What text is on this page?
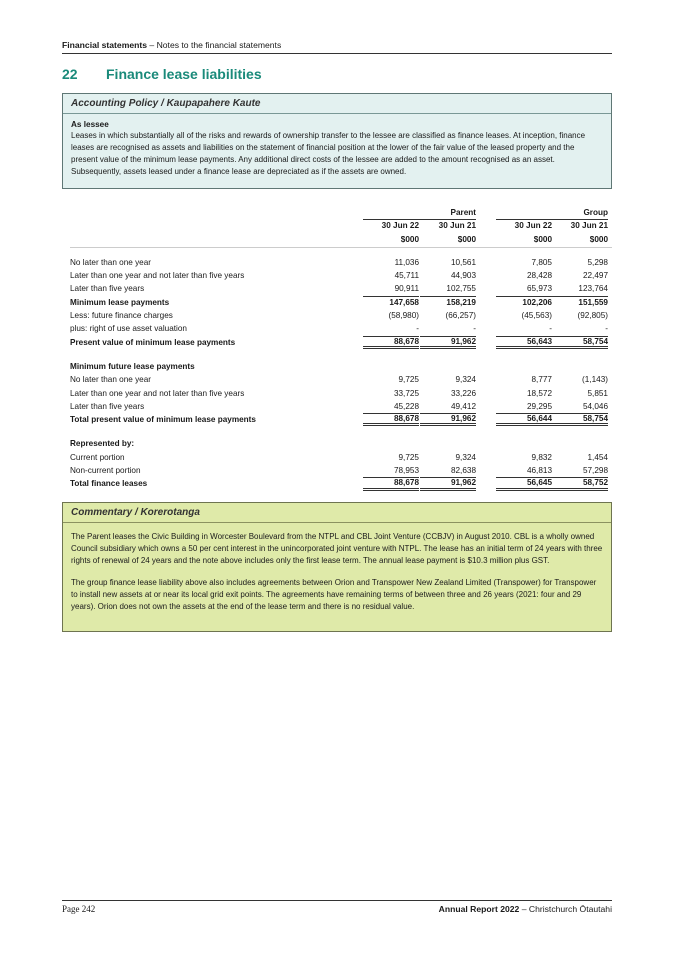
Financial statements – Notes to the financial statements
22 Finance lease liabilities
Accounting Policy / Kaupapahere Kaute
As lessee
Leases in which substantially all of the risks and rewards of ownership transfer to the lessee are classified as finance leases. At inception, finance leases are recognised as assets and liabilities on the statement of financial position at the lower of the fair value of the leased property and the present value of the minimum lease payments. Any additional direct costs of the lessee are added to the amount recognised as an asset. Subsequently, assets leased under a finance lease are depreciated as if the assets are owned.
Parent	Group
30 Jun 22	30 Jun 21	30 Jun 22	30 Jun 21
$000	$000	$000	$000
No later than one year	11,036	10,561	7,805	5,298
Later than one year and not later than five years	45,711	44,903	28,428	22,497
Later than five years	90,911	102,755	65,973	123,764
Minimum lease payments	147,658	158,219	102,206	151,559
Less: future finance charges	(58,980)	(66,257)	(45,563)	(92,805)
plus: right of use asset valuation	-	-	-	-
Present value of minimum lease payments	88,678	91,962	56,643	58,754
Minimum future lease payments
No later than one year	9,725	9,324	8,777	(1,143)
Later than one year and not later than five years	33,725	33,226	18,572	5,851
Later than five years	45,228	49,412	29,295	54,046
Total present value of minimum lease payments	88,678	91,962	56,644	58,754
Represented by:
Current portion	9,725	9,324	9,832	1,454
Non-current portion	78,953	82,638	46,813	57,298
Total finance leases	88,678	91,962	56,645	58,752
Commentary / Korerotanga

The Parent leases the Civic Building in Worcester Boulevard from the NTPL and CBL Joint Venture (CCBJV) in August 2010. CBL is a wholly owned Council subsidiary which owns a 50 per cent interest in the unincorporated joint venture with NTPL. The lease has an initial term of 24 years with three rights of renewal of 24 years and the note above includes only the first lease term. The annual lease payment is $10.3 million plus GST.

The group finance lease liability above also includes agreements between Orion and Transpower New Zealand Limited (Transpower) for Transpower to install new assets at or near its local grid exit points. The agreements have remaining terms of between three and 26 years (2021: four and 29 years). Orion does not own the assets at the end of the lease term and there is no residual value.

Page 242	Annual Report 2022 – Christchurch Ōtautahi
